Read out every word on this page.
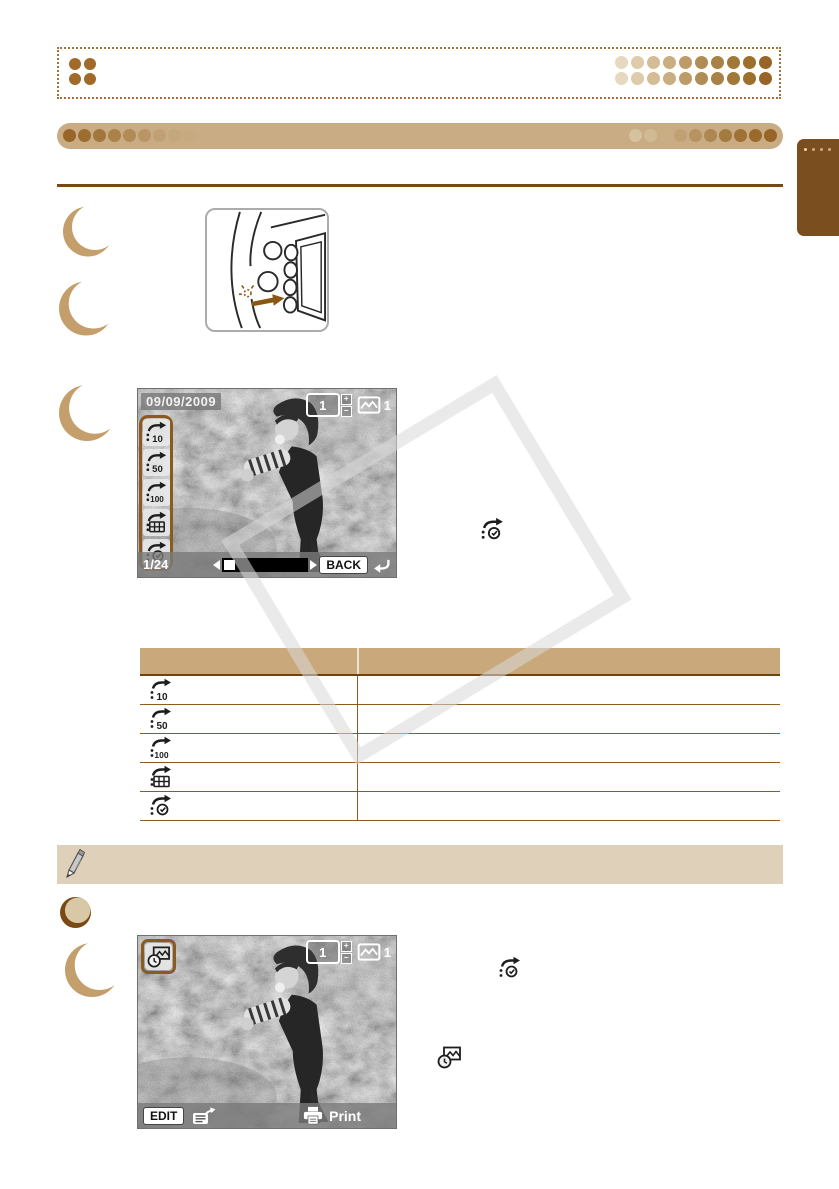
09/09/2009	1	+
−	1
10
50
100
1/24	BACK
10
50
100
1	+
−	1
EDIT	Print
